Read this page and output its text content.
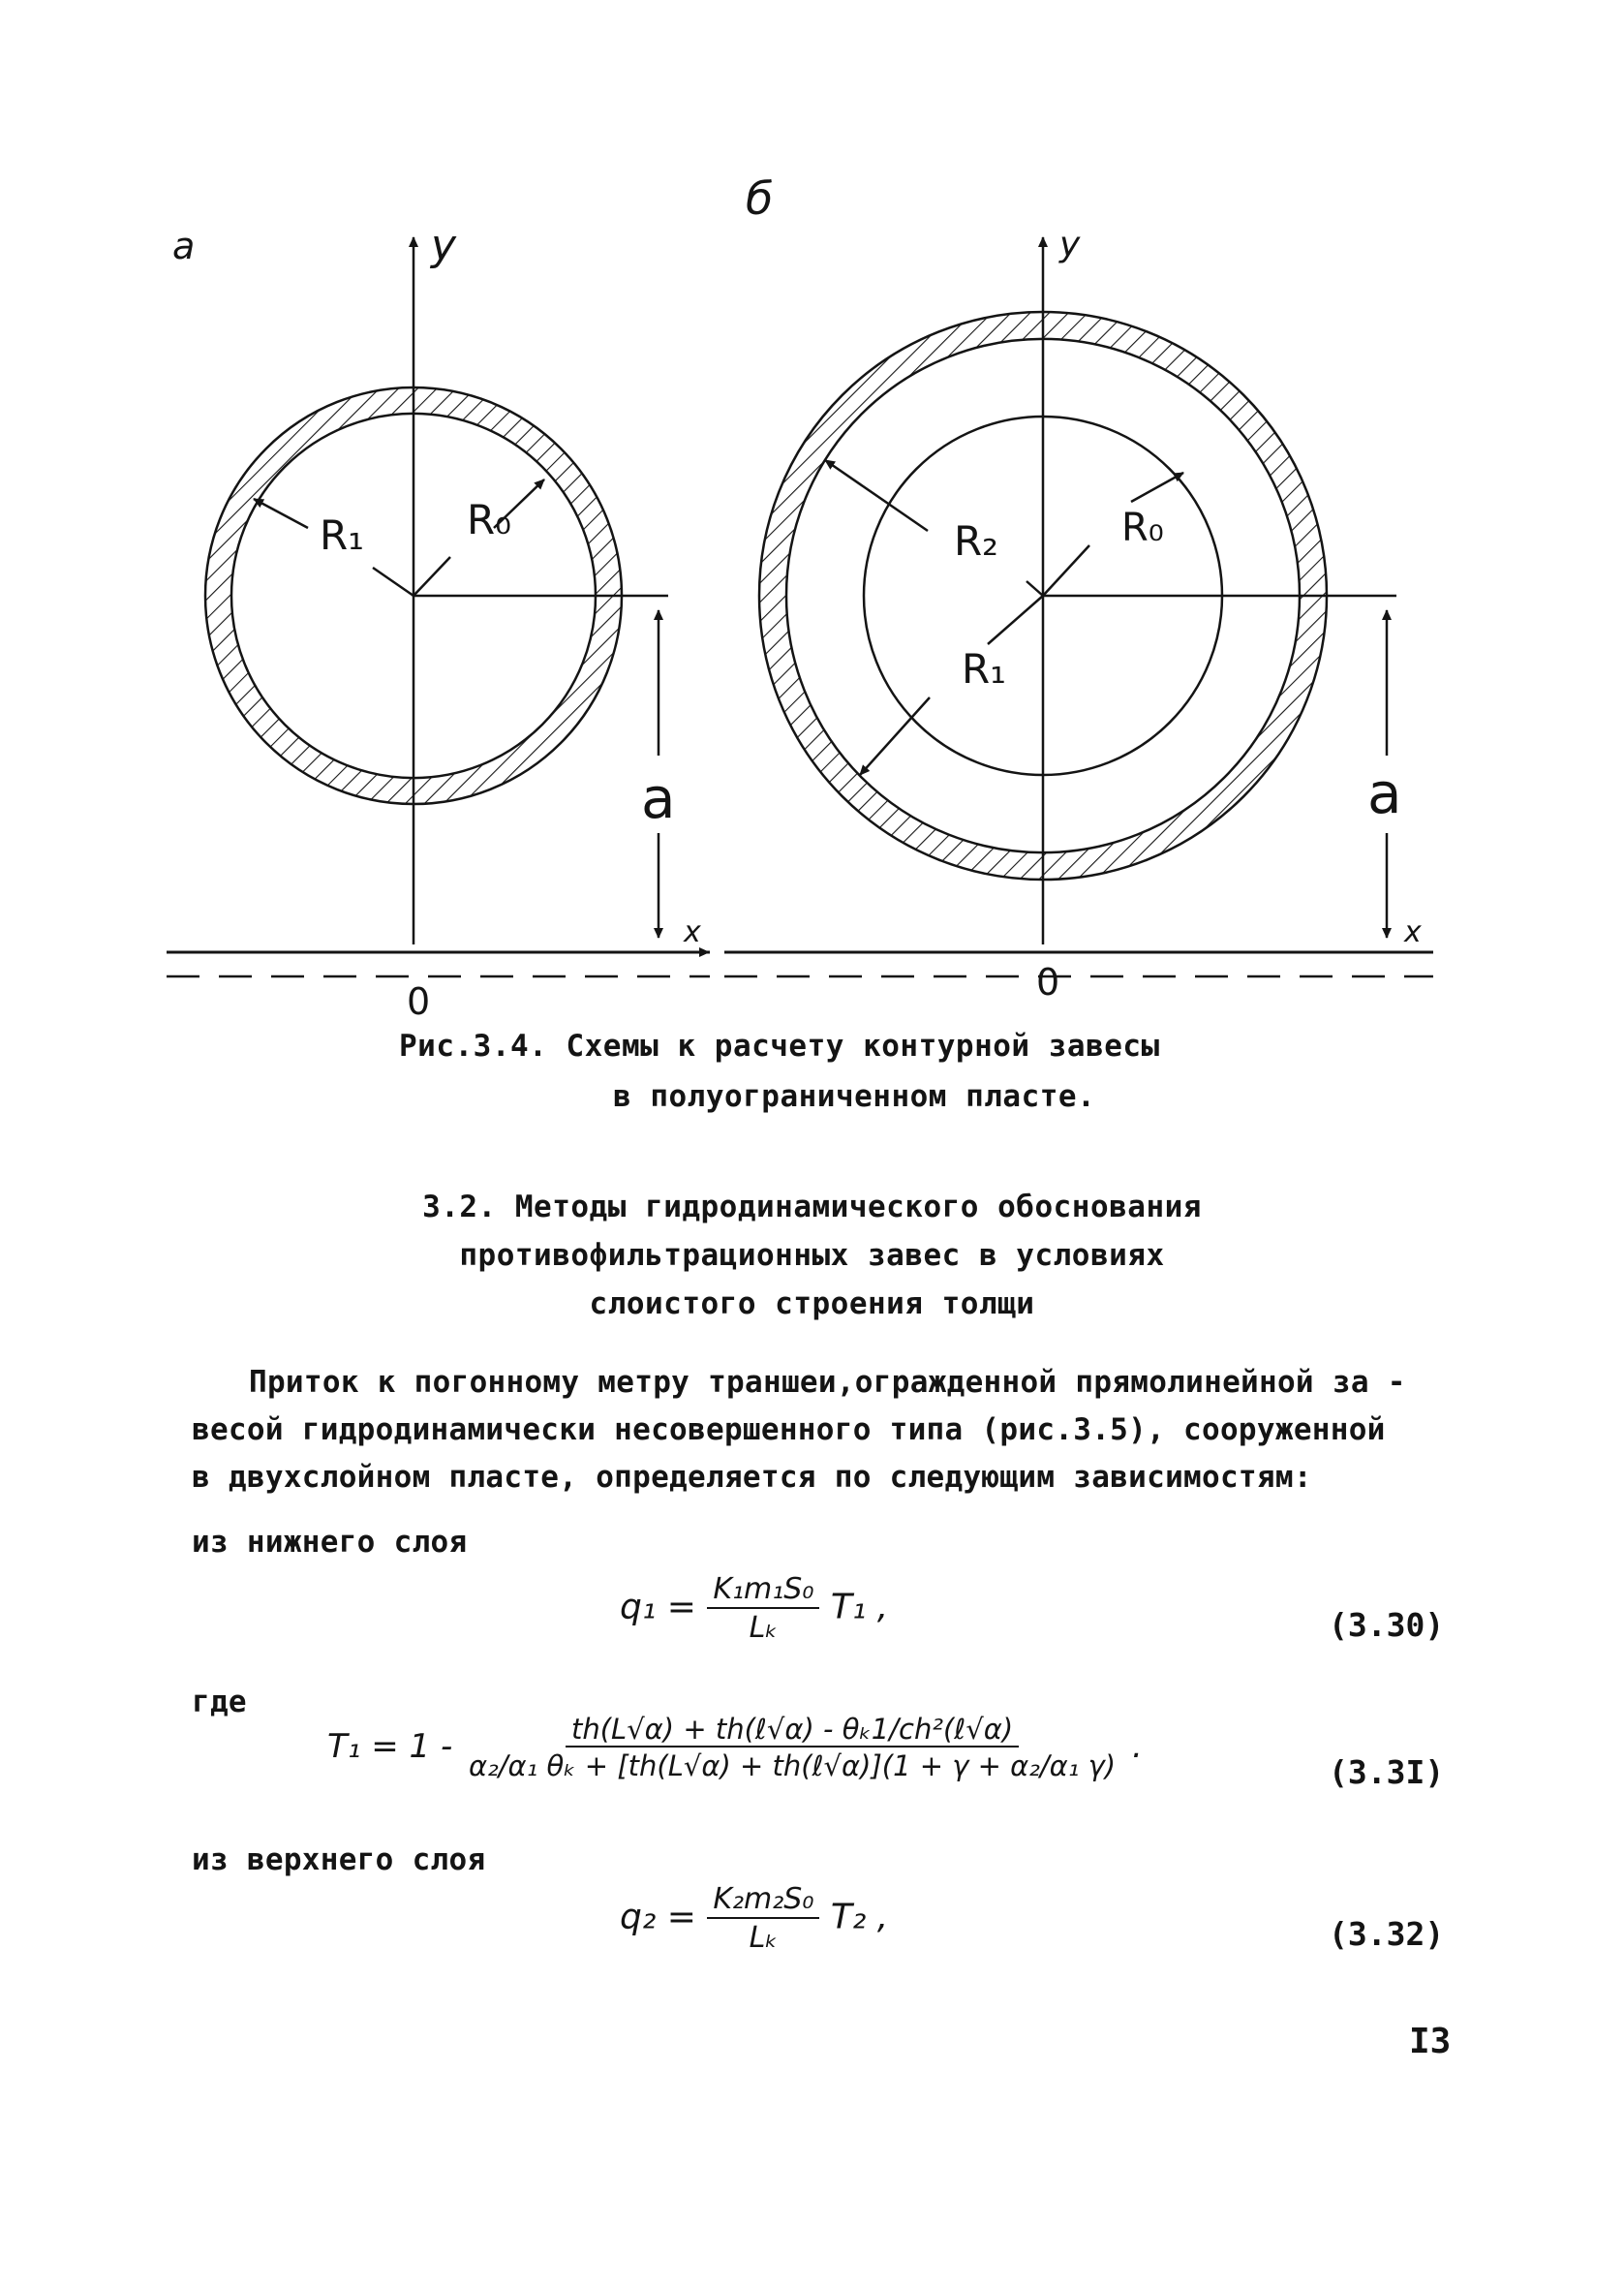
а
б
y	y
x	x
0	0
a	a
R₁	R₀	R₂	R₀
R₁
Рис.3.4. Схемы к расчету контурной завесы
в полуограниченном пласте.
3.2. Методы гидродинамического обоснования
противофильтрационных завес в условиях
слоистого строения толщи
Приток к погонному метру траншеи,огражденной прямолинейной за -
весой гидродинамически несовершенного типа (рис.3.5), сооруженной
в двухслойном пласте, определяется по следующим зависимостям:
из нижнего слоя
$q_1 = \frac{\text{K₁m₁S₀}}{\text{Lₖ}} T_1$ ,	(3.30)
где
$T_1 = 1 - \frac{\text{th(L√α) + th(ℓ√α) - θₖ1/ch²(ℓ√α)}}{\text{α₂/α₁ θₖ + [th(L√α) + th(ℓ√α)](1 + γ + α₂/α₁ γ)}}$ .
(3.3I)
из верхнего слоя
$q_2 = \frac{\text{K₂m₂S₀}}{\text{Lₖ}} T_2$ ,	(3.32)
I3
